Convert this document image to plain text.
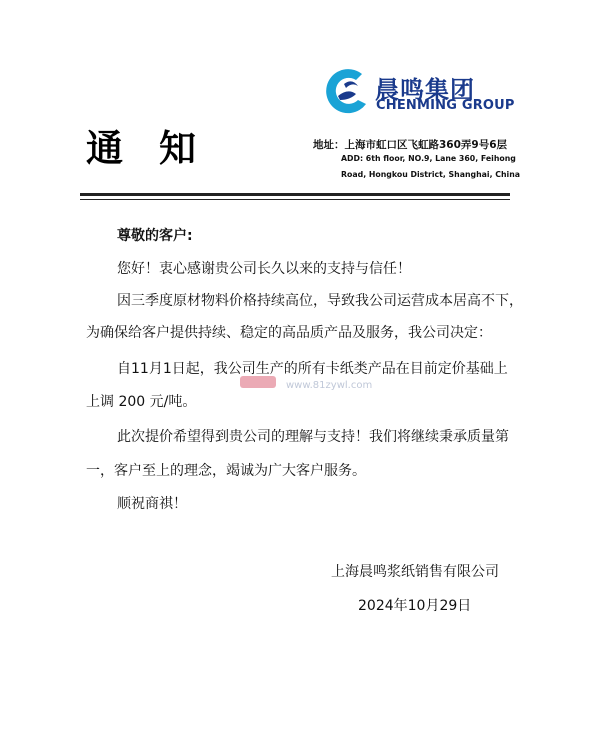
晨鸣集团
CHENMING GROUP
通知	地址：上海市虹口区飞虹路360弄9号6层
ADD: 6th floor, NO.9, Lane 360, Feihong
Road, Hongkou District, Shanghai, China
尊敬的客户:
您好！衷心感谢贵公司长久以来的支持与信任！
因三季度原材物料价格持续高位，导致我公司运营成本居高不下，
为确保给客户提供持续、稳定的高品质产品及服务，我公司决定：
自11月1日起，我公司生产的所有卡纸类产品在目前定价基础上
上调 200 元/吨。
此次提价希望得到贵公司的理解与支持！我们将继续秉承质量第
一，客户至上的理念，竭诚为广大客户服务。
顺祝商祺！
上海晨鸣浆纸销售有限公司
2024年10月29日
www.81zywl.com
